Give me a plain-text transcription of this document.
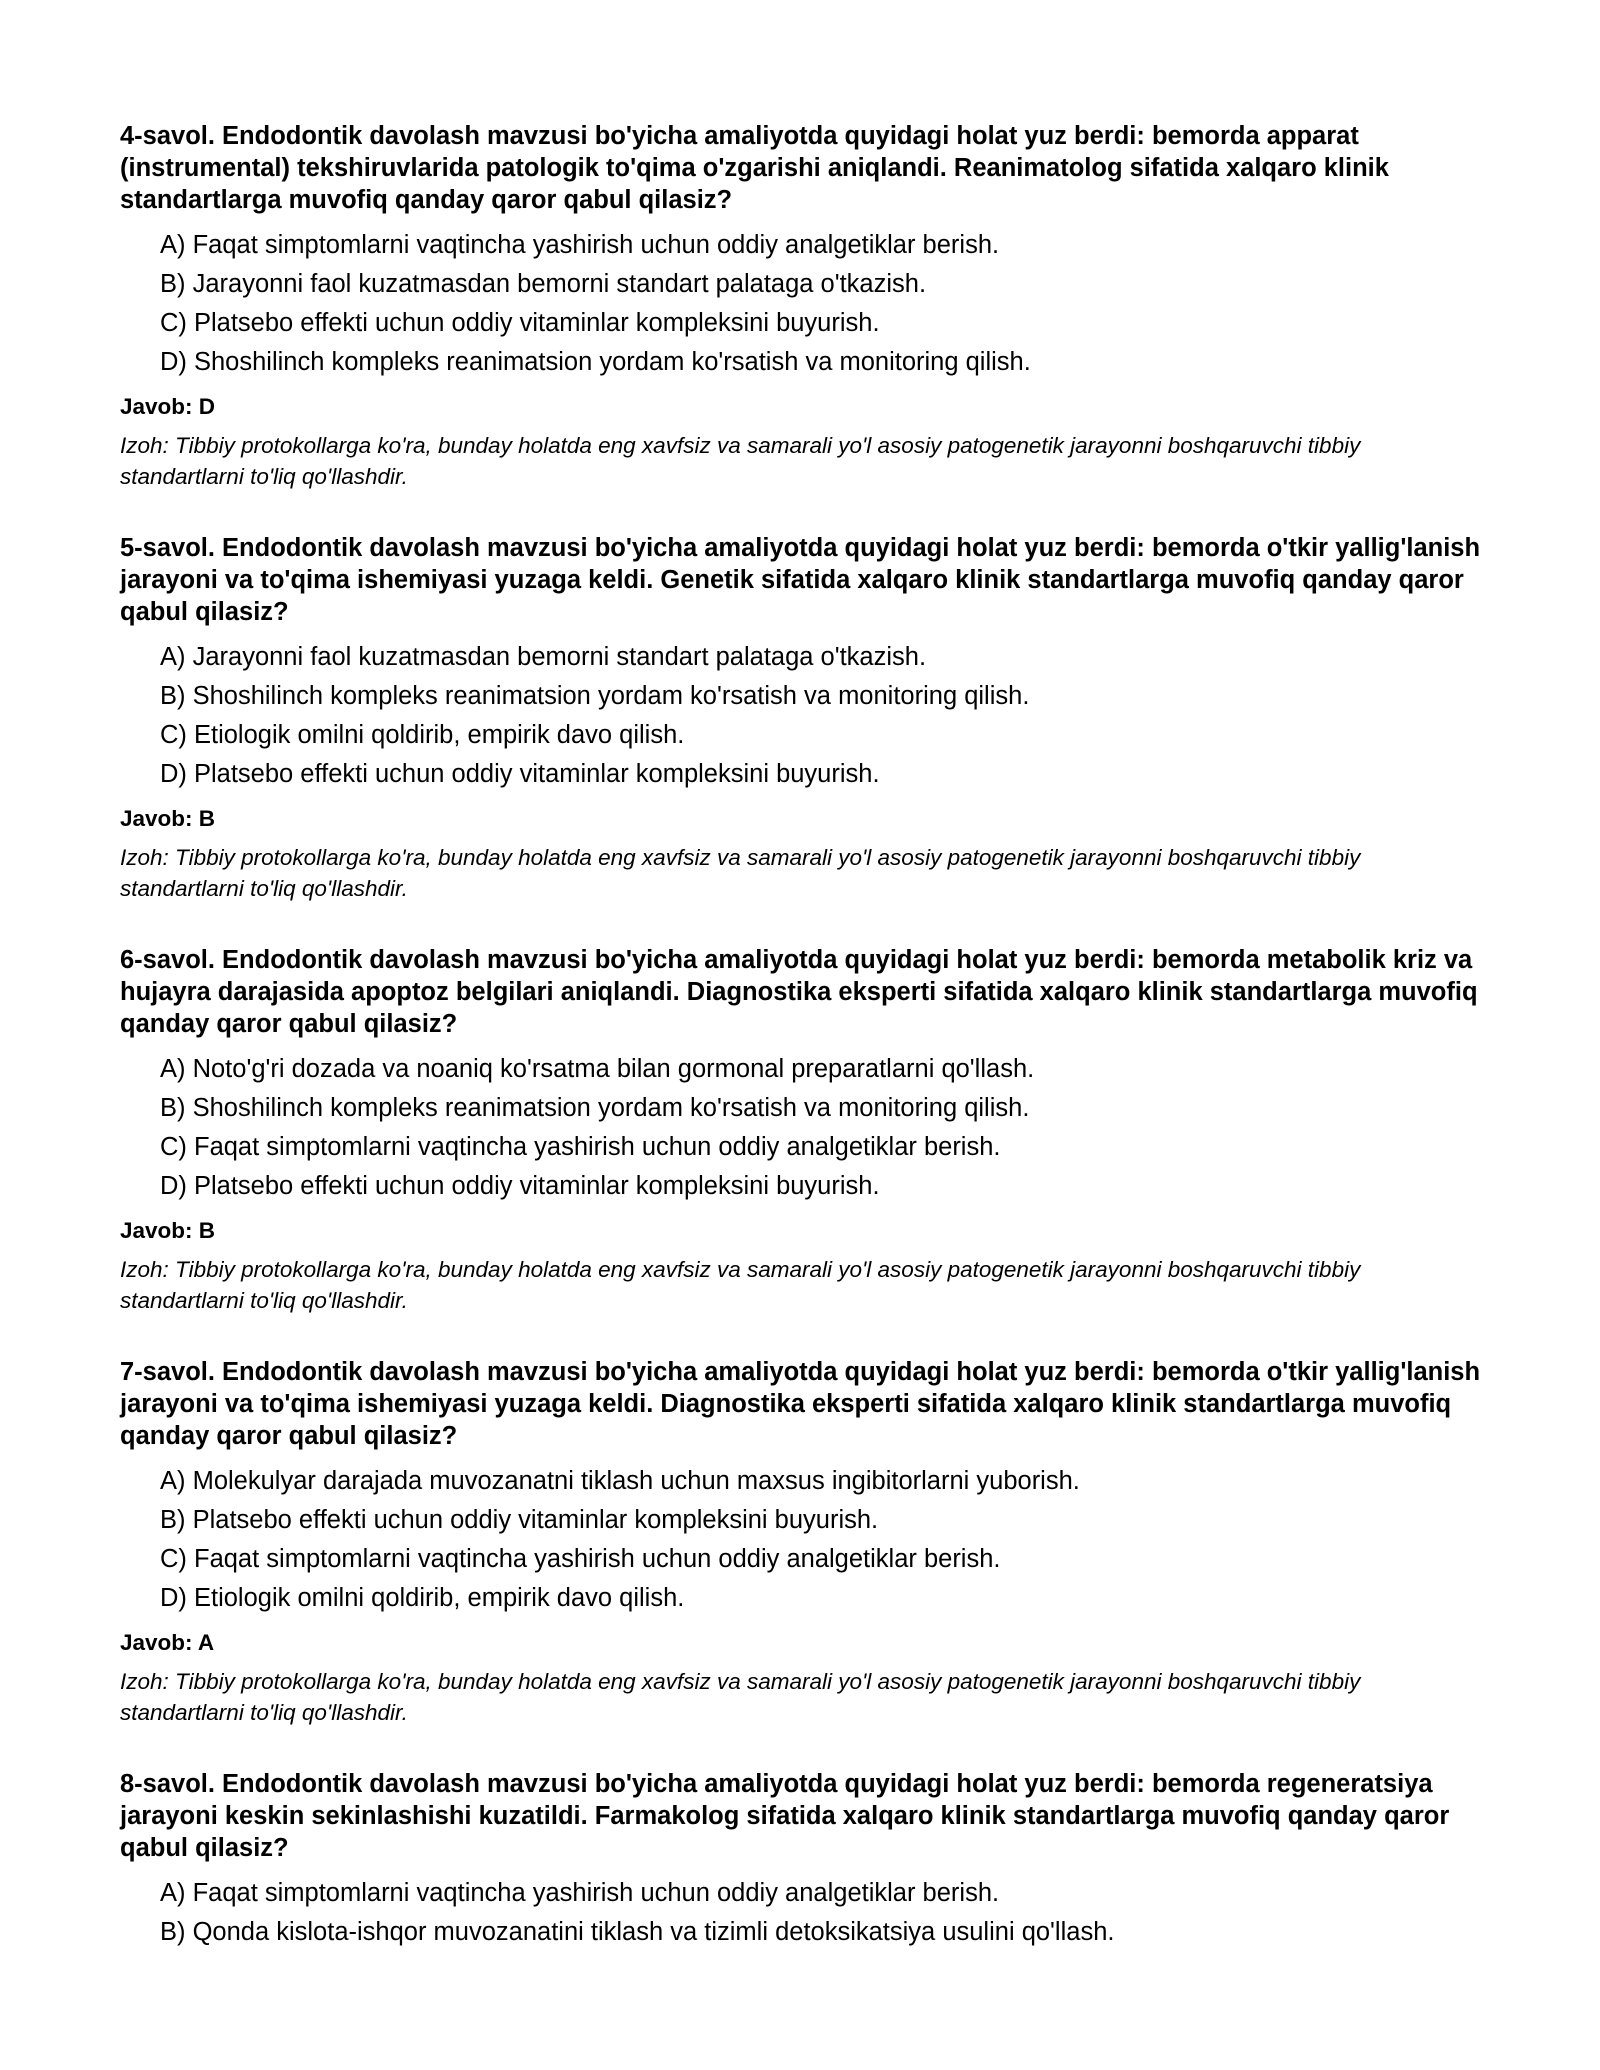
4-savol. Endodontik davolash mavzusi bo'yicha amaliyotda quyidagi holat yuz berdi: bemorda apparat (instrumental) tekshiruvlarida patologik to'qima o'zgarishi aniqlandi. Reanimatolog sifatida xalqaro klinik standartlarga muvofiq qanday qaror qabul qilasiz?

A) Faqat simptomlarni vaqtincha yashirish uchun oddiy analgetiklar berish.
B) Jarayonni faol kuzatmasdan bemorni standart palataga o'tkazish.
C) Platsebo effekti uchun oddiy vitaminlar kompleksini buyurish.
D) Shoshilinch kompleks reanimatsion yordam ko'rsatish va monitoring qilish.

Javob: D

Izoh: Tibbiy protokollarga ko'ra, bunday holatda eng xavfsiz va samarali yo'l asosiy patogenetik jarayonni boshqaruvchi tibbiy standartlarni to'liq qo'llashdir.

5-savol. Endodontik davolash mavzusi bo'yicha amaliyotda quyidagi holat yuz berdi: bemorda o'tkir yallig'lanish jarayoni va to'qima ishemiyasi yuzaga keldi. Genetik sifatida xalqaro klinik standartlarga muvofiq qanday qaror qabul qilasiz?

A) Jarayonni faol kuzatmasdan bemorni standart palataga o'tkazish.
B) Shoshilinch kompleks reanimatsion yordam ko'rsatish va monitoring qilish.
C) Etiologik omilni qoldirib, empirik davo qilish.
D) Platsebo effekti uchun oddiy vitaminlar kompleksini buyurish.

Javob: B

Izoh: Tibbiy protokollarga ko'ra, bunday holatda eng xavfsiz va samarali yo'l asosiy patogenetik jarayonni boshqaruvchi tibbiy standartlarni to'liq qo'llashdir.

6-savol. Endodontik davolash mavzusi bo'yicha amaliyotda quyidagi holat yuz berdi: bemorda metabolik kriz va hujayra darajasida apoptoz belgilari aniqlandi. Diagnostika eksperti sifatida xalqaro klinik standartlarga muvofiq qanday qaror qabul qilasiz?

A) Noto'g'ri dozada va noaniq ko'rsatma bilan gormonal preparatlarni qo'llash.
B) Shoshilinch kompleks reanimatsion yordam ko'rsatish va monitoring qilish.
C) Faqat simptomlarni vaqtincha yashirish uchun oddiy analgetiklar berish.
D) Platsebo effekti uchun oddiy vitaminlar kompleksini buyurish.

Javob: B

Izoh: Tibbiy protokollarga ko'ra, bunday holatda eng xavfsiz va samarali yo'l asosiy patogenetik jarayonni boshqaruvchi tibbiy standartlarni to'liq qo'llashdir.

7-savol. Endodontik davolash mavzusi bo'yicha amaliyotda quyidagi holat yuz berdi: bemorda o'tkir yallig'lanish jarayoni va to'qima ishemiyasi yuzaga keldi. Diagnostika eksperti sifatida xalqaro klinik standartlarga muvofiq qanday qaror qabul qilasiz?

A) Molekulyar darajada muvozanatni tiklash uchun maxsus ingibitorlarni yuborish.
B) Platsebo effekti uchun oddiy vitaminlar kompleksini buyurish.
C) Faqat simptomlarni vaqtincha yashirish uchun oddiy analgetiklar berish.
D) Etiologik omilni qoldirib, empirik davo qilish.

Javob: A

Izoh: Tibbiy protokollarga ko'ra, bunday holatda eng xavfsiz va samarali yo'l asosiy patogenetik jarayonni boshqaruvchi tibbiy standartlarni to'liq qo'llashdir.

8-savol. Endodontik davolash mavzusi bo'yicha amaliyotda quyidagi holat yuz berdi: bemorda regeneratsiya jarayoni keskin sekinlashishi kuzatildi. Farmakolog sifatida xalqaro klinik standartlarga muvofiq qanday qaror qabul qilasiz?

A) Faqat simptomlarni vaqtincha yashirish uchun oddiy analgetiklar berish.
B) Qonda kislota-ishqor muvozanatini tiklash va tizimli detoksikatsiya usulini qo'llash.
